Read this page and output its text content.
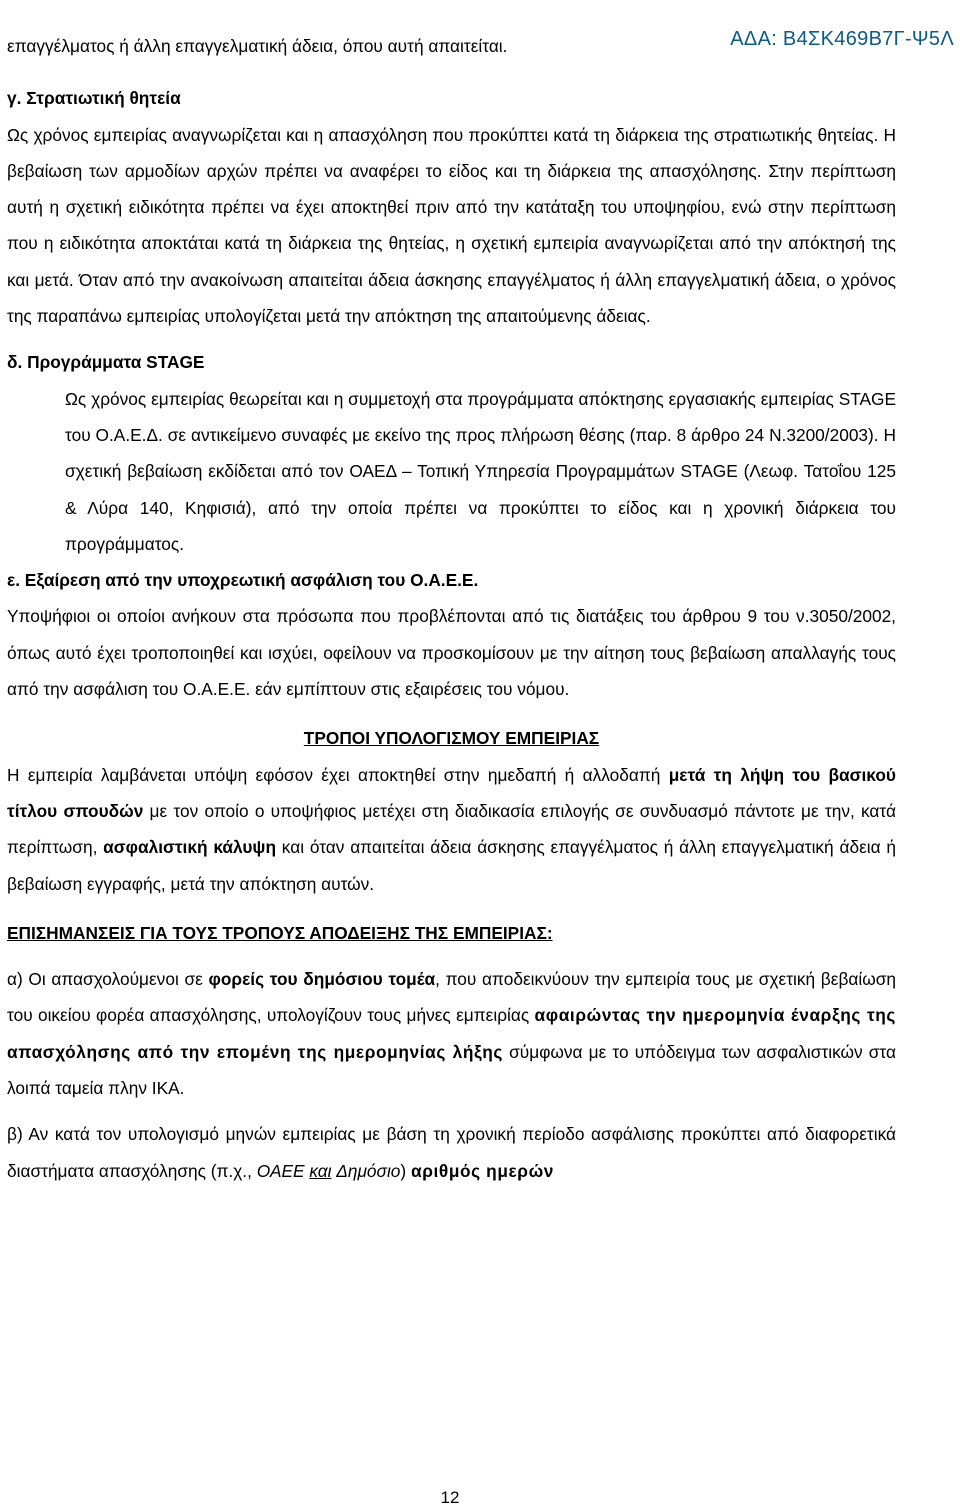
ΑΔΑ: Β4ΣΚ469Β7Γ-Ψ5Λ

επαγγέλματος ή άλλη επαγγελματική άδεια, όπου αυτή απαιτείται.

γ. Στρατιωτική θητεία

Ως χρόνος εμπειρίας αναγνωρίζεται και η απασχόληση που προκύπτει κατά τη διάρκεια της στρατιωτικής θητείας. Η βεβαίωση των αρμοδίων αρχών πρέπει να αναφέρει το είδος και τη διάρκεια της απασχόλησης. Στην περίπτωση αυτή η σχετική ειδικότητα πρέπει να έχει αποκτηθεί πριν από την κατάταξη του υποψηφίου, ενώ στην περίπτωση που η ειδικότητα αποκτάται κατά τη διάρκεια της θητείας, η σχετική εμπειρία αναγνωρίζεται από την απόκτησή της και μετά. Όταν από την ανακοίνωση απαιτείται άδεια άσκησης επαγγέλματος ή άλλη επαγγελματική άδεια, ο χρόνος της παραπάνω εμπειρίας υπολογίζεται μετά την απόκτηση της απαιτούμενης άδειας.

δ. Προγράμματα STAGE

Ως χρόνος εμπειρίας θεωρείται και η συμμετοχή στα προγράμματα απόκτησης εργασιακής εμπειρίας STAGE του Ο.Α.Ε.Δ. σε αντικείμενο συναφές με εκείνο της προς πλήρωση θέσης (παρ. 8 άρθρο 24 Ν.3200/2003). Η σχετική βεβαίωση εκδίδεται από τον ΟΑΕΔ – Τοπική Υπηρεσία Προγραμμάτων STAGE (Λεωφ. Τατοΐου 125 & Λύρα 140, Κηφισιά), από την οποία πρέπει να προκύπτει το είδος και η χρονική διάρκεια του προγράμματος.

ε. Εξαίρεση από την υποχρεωτική ασφάλιση του Ο.Α.Ε.Ε.

Υποψήφιοι οι οποίοι ανήκουν στα πρόσωπα που προβλέπονται από τις διατάξεις του άρθρου 9 του ν.3050/2002, όπως αυτό έχει τροποποιηθεί και ισχύει, οφείλουν να προσκομίσουν με την αίτηση τους βεβαίωση απαλλαγής τους από την ασφάλιση του Ο.Α.Ε.Ε. εάν εμπίπτουν στις εξαιρέσεις του νόμου.

ΤΡΟΠΟΙ ΥΠΟΛΟΓΙΣΜΟΥ ΕΜΠΕΙΡΙΑΣ

Η εμπειρία λαμβάνεται υπόψη εφόσον έχει αποκτηθεί στην ημεδαπή ή αλλοδαπή μετά τη λήψη του βασικού τίτλου σπουδών με τον οποίο ο υποψήφιος μετέχει στη διαδικασία επιλογής σε συνδυασμό πάντοτε με την, κατά περίπτωση, ασφαλιστική κάλυψη και όταν απαιτείται άδεια άσκησης επαγγέλματος ή άλλη επαγγελματική άδεια ή βεβαίωση εγγραφής, μετά την απόκτηση αυτών.

ΕΠΙΣΗΜΑΝΣΕΙΣ ΓΙΑ ΤΟΥΣ ΤΡΟΠΟΥΣ ΑΠΟΔΕΙΞΗΣ ΤΗΣ ΕΜΠΕΙΡΙΑΣ:

α) Οι απασχολούμενοι σε φορείς του δημόσιου τομέα, που αποδεικνύουν την εμπειρία τους με σχετική βεβαίωση του οικείου φορέα απασχόλησης, υπολογίζουν τους μήνες εμπειρίας αφαιρώντας την ημερομηνία έναρξης της απασχόλησης από την επομένη της ημερομηνίας λήξης σύμφωνα με το υπόδειγμα των ασφαλιστικών στα λοιπά ταμεία πλην ΙΚΑ.

β) Αν κατά τον υπολογισμό μηνών εμπειρίας με βάση τη χρονική περίοδο ασφάλισης προκύπτει από διαφορετικά διαστήματα απασχόλησης (π.χ., ΟΑΕΕ και Δημόσιο) αριθμός ημερών

12
